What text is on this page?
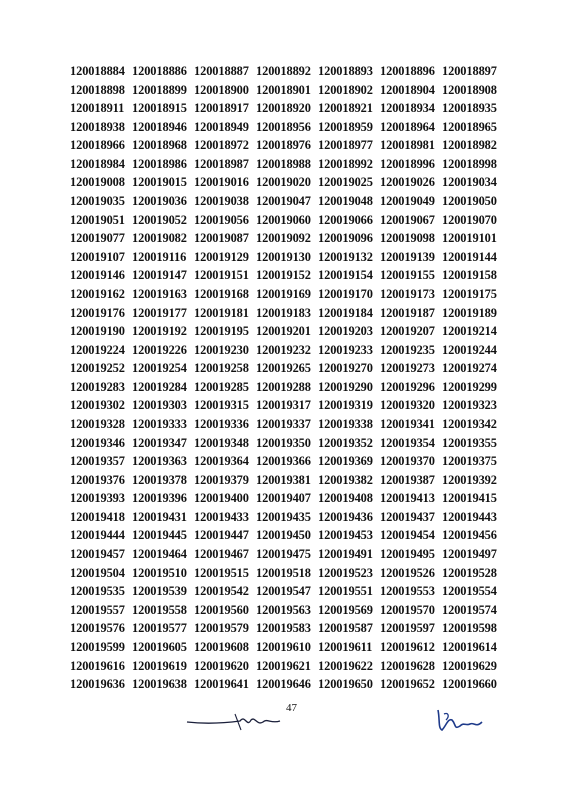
120018884 120018886 120018887 120018892 120018893 120018896 120018897
120018898 120018899 120018900 120018901 120018902 120018904 120018908
120018911 120018915 120018917 120018920 120018921 120018934 120018935
120018938 120018946 120018949 120018956 120018959 120018964 120018965
120018966 120018968 120018972 120018976 120018977 120018981 120018982
120018984 120018986 120018987 120018988 120018992 120018996 120018998
120019008 120019015 120019016 120019020 120019025 120019026 120019034
120019035 120019036 120019038 120019047 120019048 120019049 120019050
120019051 120019052 120019056 120019060 120019066 120019067 120019070
120019077 120019082 120019087 120019092 120019096 120019098 120019101
120019107 120019116 120019129 120019130 120019132 120019139 120019144
120019146 120019147 120019151 120019152 120019154 120019155 120019158
120019162 120019163 120019168 120019169 120019170 120019173 120019175
120019176 120019177 120019181 120019183 120019184 120019187 120019189
120019190 120019192 120019195 120019201 120019203 120019207 120019214
120019224 120019226 120019230 120019232 120019233 120019235 120019244
120019252 120019254 120019258 120019265 120019270 120019273 120019274
120019283 120019284 120019285 120019288 120019290 120019296 120019299
120019302 120019303 120019315 120019317 120019319 120019320 120019323
120019328 120019333 120019336 120019337 120019338 120019341 120019342
120019346 120019347 120019348 120019350 120019352 120019354 120019355
120019357 120019363 120019364 120019366 120019369 120019370 120019375
120019376 120019378 120019379 120019381 120019382 120019387 120019392
120019393 120019396 120019400 120019407 120019408 120019413 120019415
120019418 120019431 120019433 120019435 120019436 120019437 120019443
120019444 120019445 120019447 120019450 120019453 120019454 120019456
120019457 120019464 120019467 120019475 120019491 120019495 120019497
120019504 120019510 120019515 120019518 120019523 120019526 120019528
120019535 120019539 120019542 120019547 120019551 120019553 120019554
120019557 120019558 120019560 120019563 120019569 120019570 120019574
120019576 120019577 120019579 120019583 120019587 120019597 120019598
120019599 120019605 120019608 120019610 120019611 120019612 120019614
120019616 120019619 120019620 120019621 120019622 120019628 120019629
120019636 120019638 120019641 120019646 120019650 120019652 120019660
47
